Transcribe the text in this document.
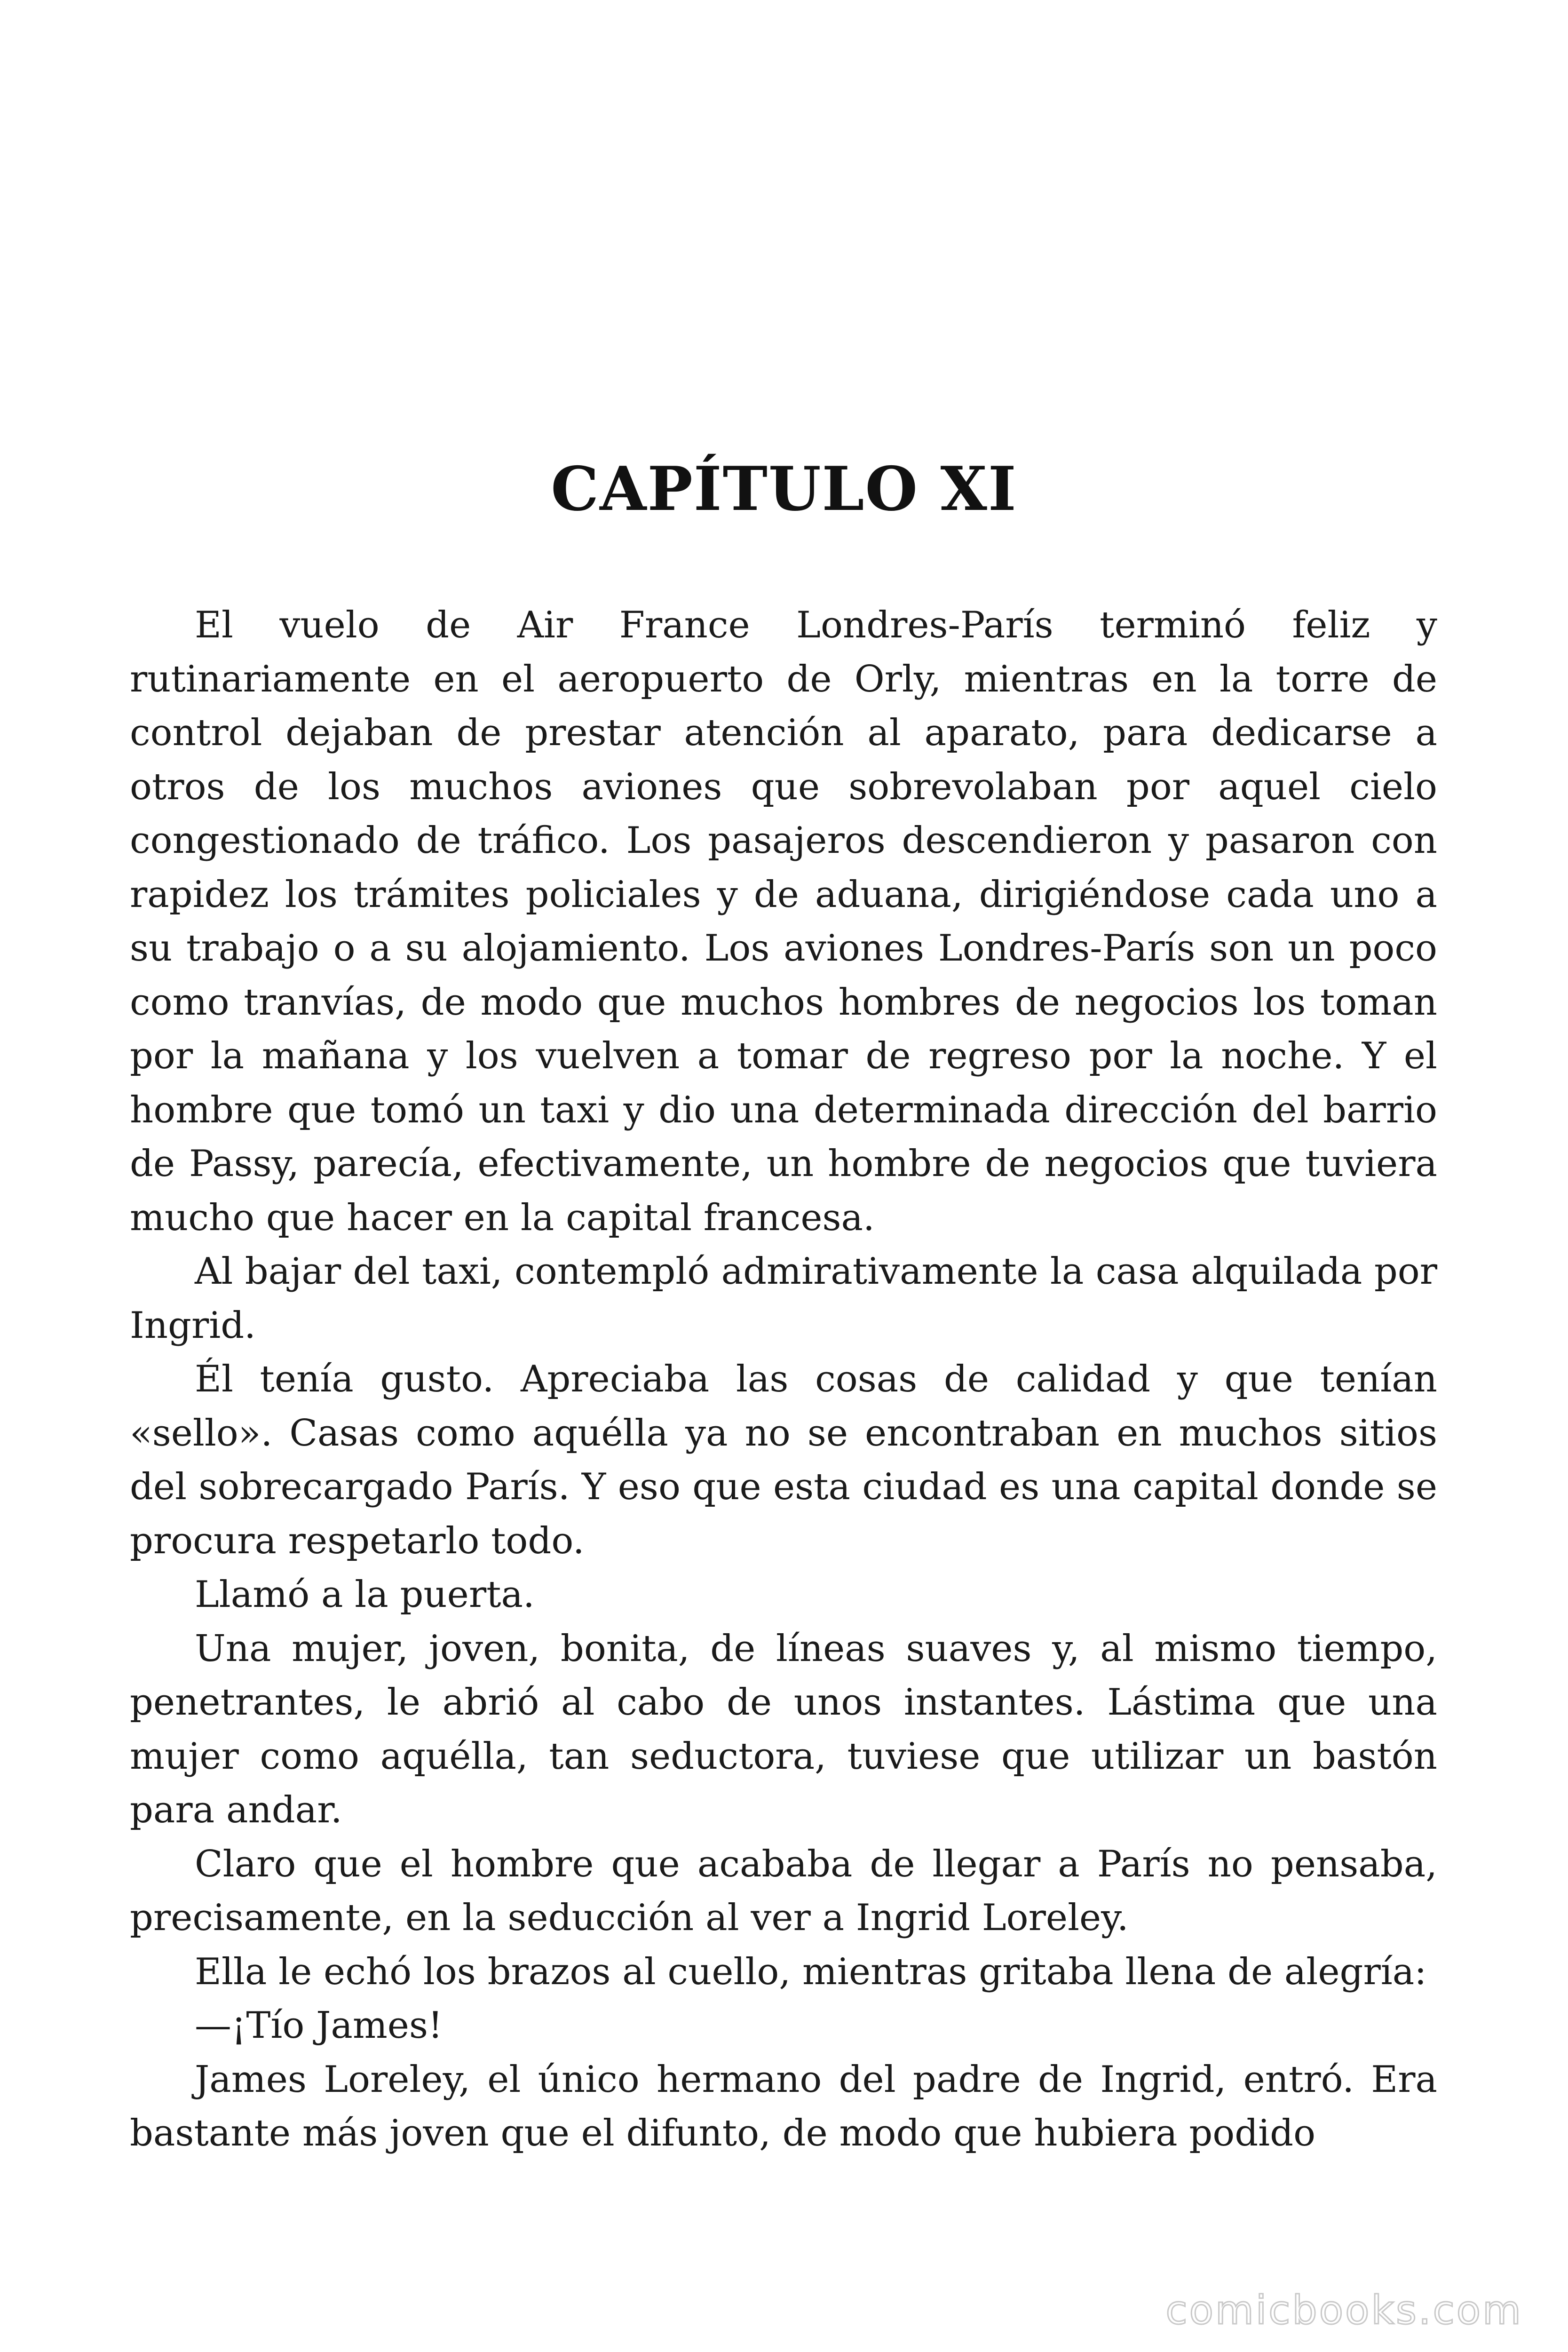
CAPÍTULO XI

El vuelo de Air France Londres-París terminó feliz y rutinariamente en el aeropuerto de Orly, mientras en la torre de control dejaban de prestar atención al aparato, para dedicarse a otros de los muchos aviones que sobrevolaban por aquel cielo congestionado de tráfico. Los pasajeros descendieron y pasaron con rapidez los trámites policiales y de aduana, dirigiéndose cada uno a su trabajo o a su alojamiento. Los aviones Londres-París son un poco como tranvías, de modo que muchos hombres de negocios los toman por la mañana y los vuelven a tomar de regreso por la noche. Y el hombre que tomó un taxi y dio una determinada dirección del barrio de Passy, parecía, efectivamente, un hombre de negocios que tuviera mucho que hacer en la capital francesa.

Al bajar del taxi, contempló admirativamente la casa alquilada por Ingrid.

Él tenía gusto. Apreciaba las cosas de calidad y que tenían «sello». Casas como aquélla ya no se encontraban en muchos sitios del sobrecargado París. Y eso que esta ciudad es una capital donde se procura respetarlo todo.

Llamó a la puerta.

Una mujer, joven, bonita, de líneas suaves y, al mismo tiempo, penetrantes, le abrió al cabo de unos instantes. Lástima que una mujer como aquélla, tan seductora, tuviese que utilizar un bastón para andar.

Claro que el hombre que acababa de llegar a París no pensaba, precisamente, en la seducción al ver a Ingrid Loreley.

Ella le echó los brazos al cuello, mientras gritaba llena de alegría:

—¡Tío James!

James Loreley, el único hermano del padre de Ingrid, entró. Era bastante más joven que el difunto, de modo que hubiera podido

comicbooks.com
